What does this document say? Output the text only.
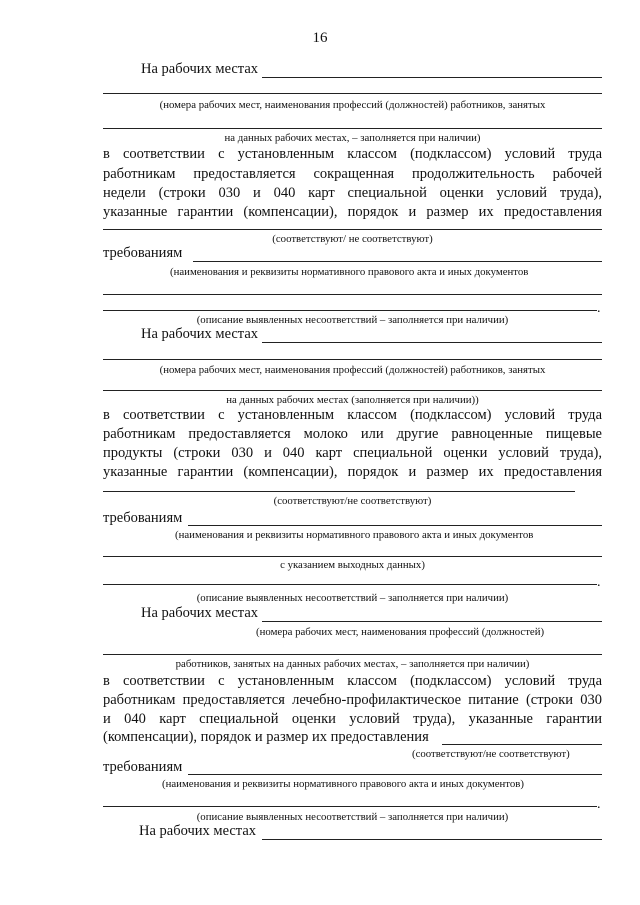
16
На рабочих местах
(номера рабочих мест, наименования профессий (должностей) работников, занятых
на данных рабочих местах, – заполняется при наличии)
в соответствии с установленным классом (подклассом) условий труда
работникам предоставляется сокращенная продолжительность рабочей
недели (строки 030 и 040 карт специальной оценки условий труда),
указанные гарантии (компенсации), порядок и размер их предоставления
(соответствуют/ не соответствуют)
требованиям
(наименования и реквизиты нормативного правового акта и иных документов
.
(описание выявленных несоответствий – заполняется при наличии)
На рабочих местах
(номера рабочих мест, наименования профессий (должностей) работников, занятых
на данных рабочих местах (заполняется при наличии))
в соответствии с установленным классом (подклассом) условий труда
работникам предоставляется молоко или другие равноценные пищевые
продукты (строки 030 и 040 карт специальной оценки условий труда),
указанные гарантии (компенсации), порядок и размер их предоставления
(соответствуют/не соответствуют)
требованиям
(наименования и реквизиты нормативного правового акта и иных документов
с указанием выходных данных)
.
(описание выявленных несоответствий – заполняется при наличии)
На рабочих местах
(номера рабочих мест, наименования профессий (должностей)
работников, занятых на данных рабочих местах, – заполняется при наличии)
в соответствии с установленным классом (подклассом) условий труда
работникам предоставляется лечебно-профилактическое питание (строки 030
и 040 карт специальной оценки условий труда), указанные гарантии
(компенсации), порядок и размер их предоставления
(соответствуют/не соответствуют)
требованиям
(наименования и реквизиты нормативного правового акта и иных документов)
.
(описание выявленных несоответствий – заполняется при наличии)
На рабочих местах
